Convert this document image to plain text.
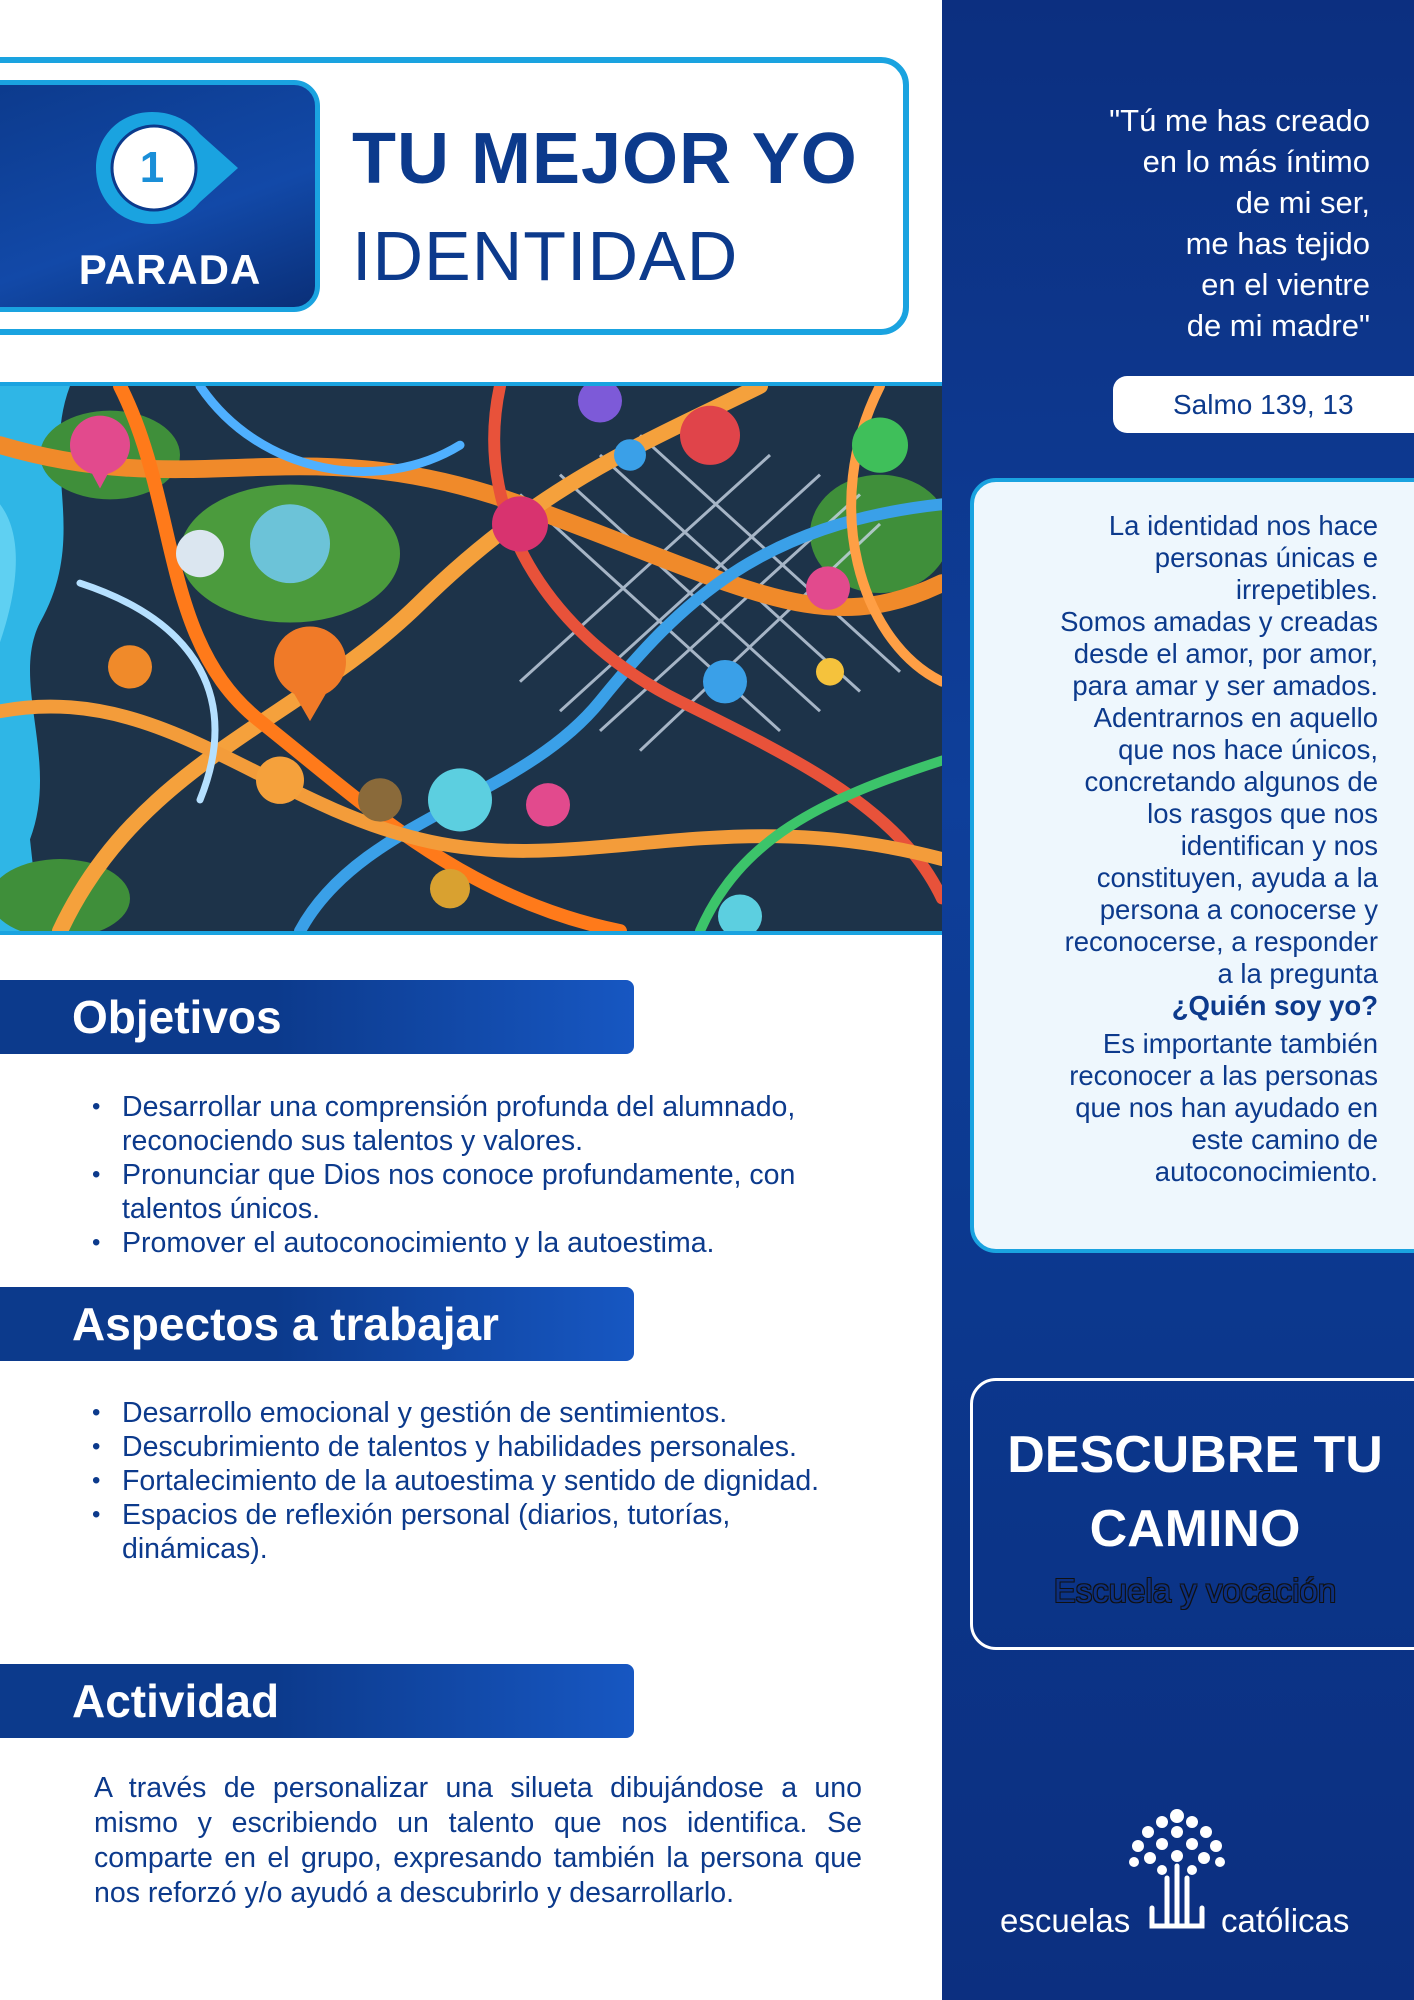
1
PARADA
TU MEJOR YO
IDENTIDAD
Objetivos
• Desarrollar una comprensión profunda del alumnado, reconociendo sus talentos y valores.
• Pronunciar que Dios nos conoce profundamente, con talentos únicos.
• Promover el autoconocimiento y la autoestima.
Aspectos a trabajar
• Desarrollo emocional y gestión de sentimientos.
• Descubrimiento de talentos y habilidades personales.
• Fortalecimiento de la autoestima y sentido de dignidad.
• Espacios de reflexión personal (diarios, tutorías, dinámicas).
Actividad

A través de personalizar una silueta dibujándose a uno mismo y escribiendo un talento que nos identifica. Se comparte en el grupo, expresando también la persona que nos reforzó y/o ayudó a descubrirlo y desarrollarlo.

"Tú me has creado
en lo más íntimo
de mi ser,
me has tejido
en el vientre
de mi madre"
Salmo 139, 13
La identidad nos hace
personas únicas e
irrepetibles.
Somos amadas y creadas
desde el amor, por amor,
para amar y ser amados.
Adentrarnos en aquello
que nos hace únicos,
concretando algunos de
los rasgos que nos
identifican y nos
constituyen, ayuda a la
persona a conocerse y
reconocerse, a responder
a la pregunta
¿Quién soy yo?
Es importante también
reconocer a las personas
que nos han ayudado en
este camino de
autoconocimiento.
DESCUBRE TU CAMINO
Escuela y vocación
escuelas	católicas
